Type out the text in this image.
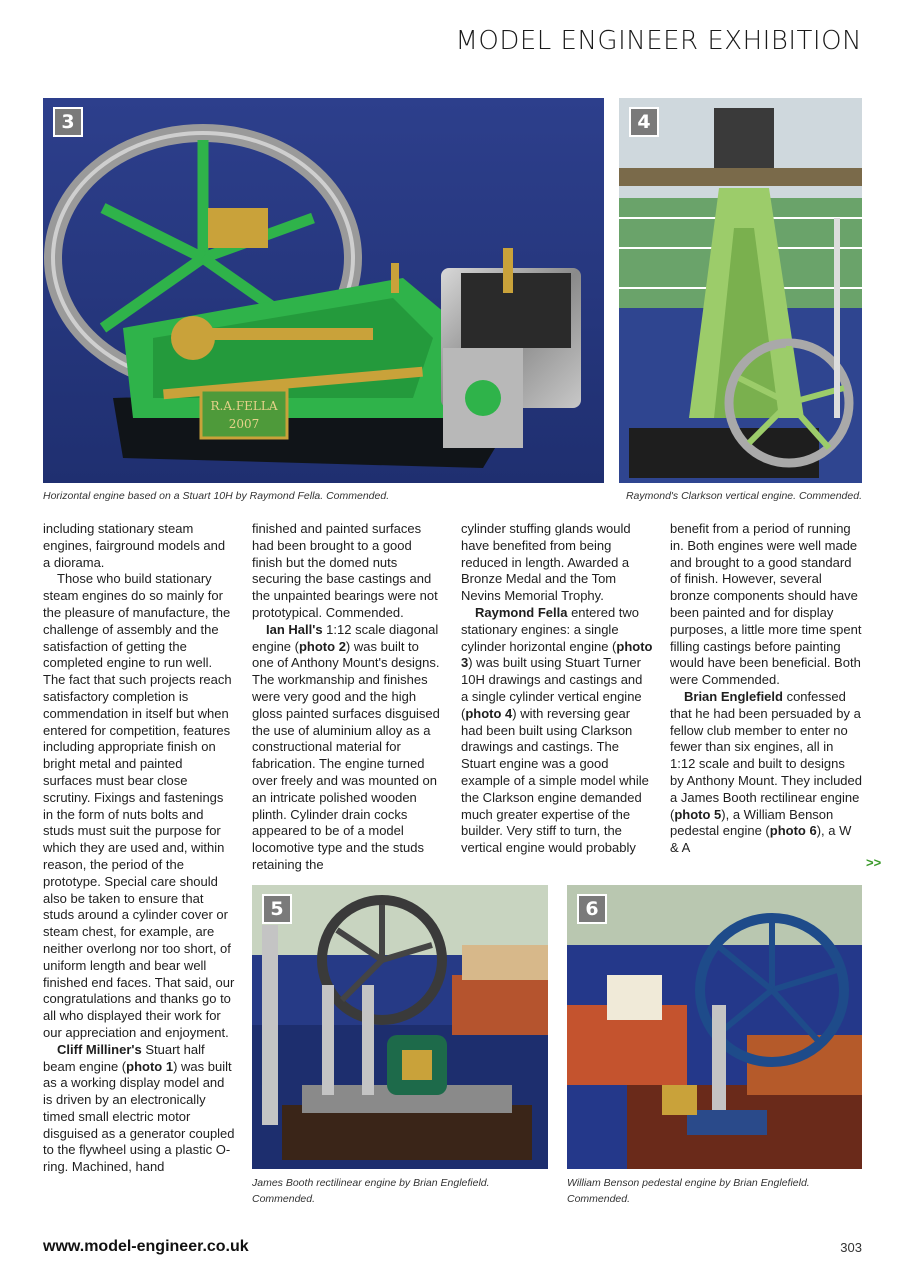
MODEL ENGINEER EXHIBITION
R.A.FELLA
2007
3
Horizontal engine based on a Stuart 10H by Raymond Fella. Commended.
4
Raymond's Clarkson vertical engine. Commended.

including stationary steam engines, fairground models and a diorama.

Those who build stationary steam engines do so mainly for the pleasure of manufacture, the challenge of assembly and the satisfaction of getting the completed engine to run well. The fact that such projects reach satisfactory completion is commendation in itself but when entered for competition, features including appropriate finish on bright metal and painted surfaces must bear close scrutiny. Fixings and fastenings in the form of nuts bolts and studs must suit the purpose for which they are used and, within reason, the period of the prototype. Special care should also be taken to ensure that studs around a cylinder cover or steam chest, for example, are neither overlong nor too short, of uniform length and bear well finished end faces. That said, our congratulations and thanks go to all who displayed their work for our appreciation and enjoyment.

Cliff Milliner's Stuart half beam engine (photo 1) was built as a working display model and is driven by an electronically timed small electric motor disguised as a generator coupled to the flywheel using a plastic O-ring. Machined, hand

finished and painted surfaces had been brought to a good finish but the domed nuts securing the base castings and the unpainted bearings were not prototypical. Commended.

Ian Hall's 1:12 scale diagonal engine (photo 2) was built to one of Anthony Mount's designs. The workmanship and finishes were very good and the high gloss painted surfaces disguised the use of aluminium alloy as a constructional material for fabrication. The engine turned over freely and was mounted on an intricate polished wooden plinth. Cylinder drain cocks appeared to be of a model locomotive type and the studs retaining the

cylinder stuffing glands would have benefited from being reduced in length. Awarded a Bronze Medal and the Tom Nevins Memorial Trophy.

Raymond Fella entered two stationary engines: a single cylinder horizontal engine (photo 3) was built using Stuart Turner 10H drawings and castings and a single cylinder vertical engine (photo 4) with reversing gear had been built using Clarkson drawings and castings. The Stuart engine was a good example of a simple model while the Clarkson engine demanded much greater expertise of the builder. Very stiff to turn, the vertical engine would probably

benefit from a period of running in. Both engines were well made and brought to a good standard of finish. However, several bronze components should have been painted and for display purposes, a little more time spent filling castings before painting would have been beneficial. Both were Commended.

Brian Englefield confessed that he had been persuaded by a fellow club member to enter no fewer than six engines, all in 1:12 scale and built to designs by Anthony Mount. They included a James Booth rectilinear engine (photo 5), a William Benson pedestal engine (photo 6), a W & A

>>
5
James Booth rectilinear engine by Brian Englefield. Commended.
6
William Benson pedestal engine by Brian Englefield. Commended.
www.model-engineer.co.uk	303
